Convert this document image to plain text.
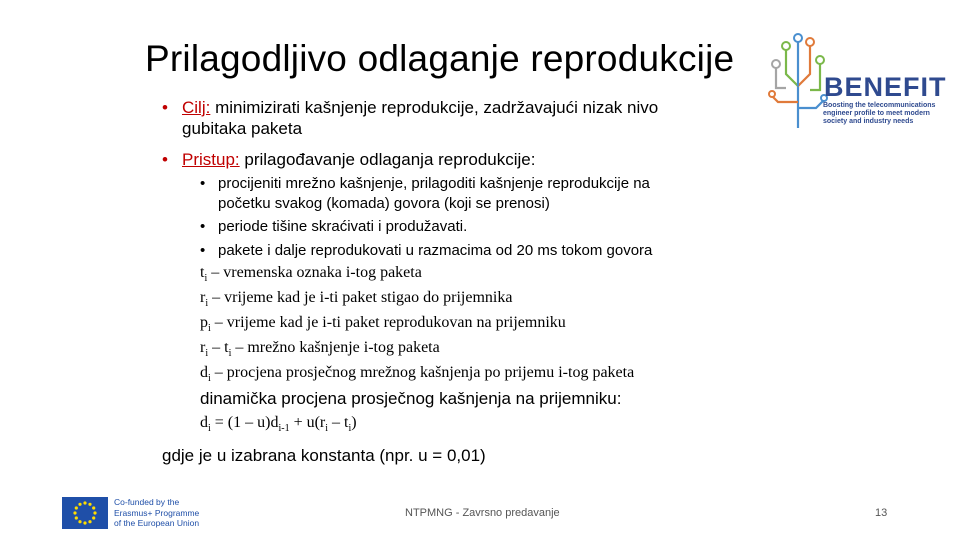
Prilagodljivo odlaganje reprodukcije
BENEFIT
Boosting the telecommunications engineer profile to meet modern society and industry needs
• Cilj: minimizirati kašnjenje reprodukcije, zadržavajući nizak nivo
gubitaka paketa
• Pristup: prilagođavanje odlaganja reprodukcije:
• procijeniti mrežno kašnjenje, prilagoditi kašnjenje reprodukcije na
početku svakog (komada) govora (koji se prenosi)
• periode tišine skraćivati i produžavati.
• pakete i dalje reprodukovati u razmacima od 20 ms tokom govora
$t_i$ – vremenska oznaka i-tog paketa
$r_i$ – vrijeme kad je i-ti paket stigao do prijemnika
$p_i$ – vrijeme kad je i-ti paket reprodukovan na prijemniku
$r_i - t_i$ – mrežno kašnjenje i-tog paketa
$d_i$ – procjena prosječnog mrežnog kašnjenja po prijemu i-tog paketa
dinamička procjena prosječnog kašnjenja na prijemniku:
$d_i = (1 - u)d_{i-1} + u(r_i - t_i)$
gdje je u izabrana konstanta (npr. u = 0,01)
Co-funded by the
Erasmus+ Programme
of the European Union
NTPMNG - Zavrsno predavanje	13
